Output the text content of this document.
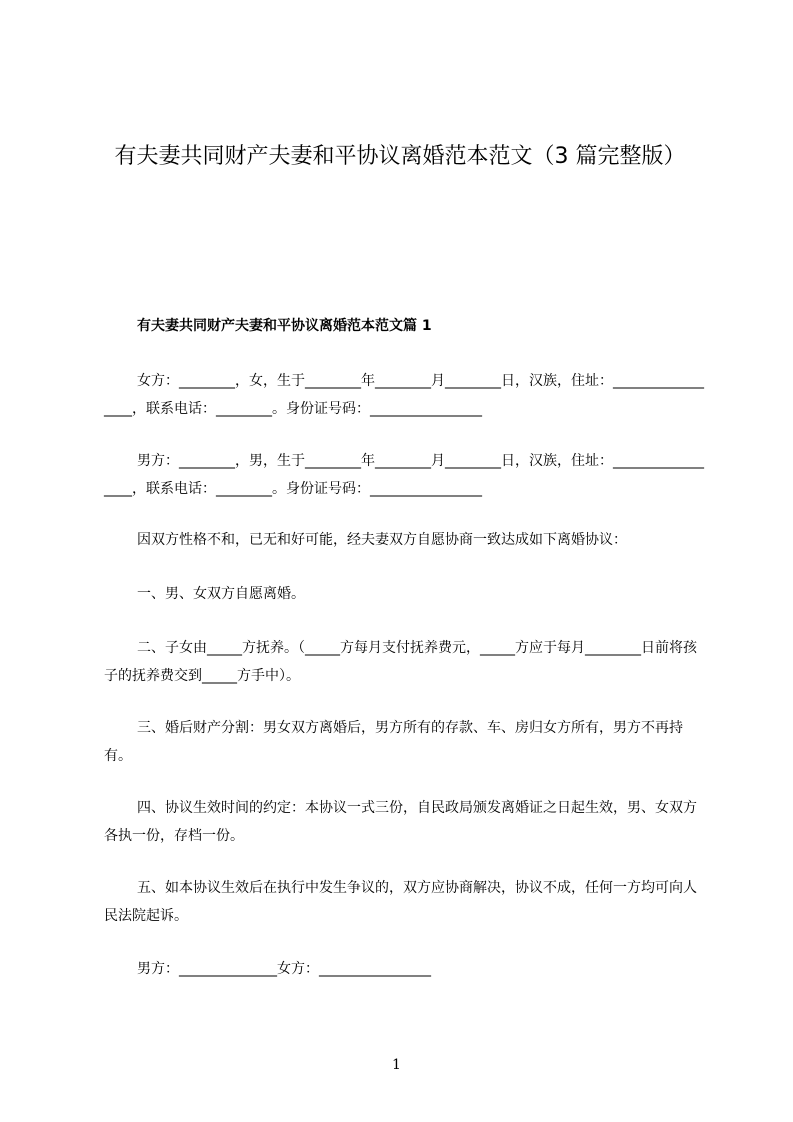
有夫妻共同财产夫妻和平协议离婚范本范文（3 篇完整版）
有夫妻共同财产夫妻和平协议离婚范本范文篇 1

女方：________，女，生于________年________月________日，汉族，住址：_________________，联系电话：________。身份证号码：________________

男方：________，男，生于________年________月________日，汉族，住址：_________________，联系电话：________。身份证号码：________________

因双方性格不和，已无和好可能，经夫妻双方自愿协商一致达成如下离婚协议：

一、男、女双方自愿离婚。

二、子女由_____方抚养。（_____方每月支付抚养费元，_____方应于每月________日前将孩子的抚养费交到_____方手中）。

三、婚后财产分割：男女双方离婚后，男方所有的存款、车、房归女方所有，男方不再持有。

四、协议生效时间的约定：本协议一式三份，自民政局颁发离婚证之日起生效，男、女双方各执一份，存档一份。

五、如本协议生效后在执行中发生争议的，双方应协商解决，协议不成，任何一方均可向人民法院起诉。

男方：______________女方：________________

1
